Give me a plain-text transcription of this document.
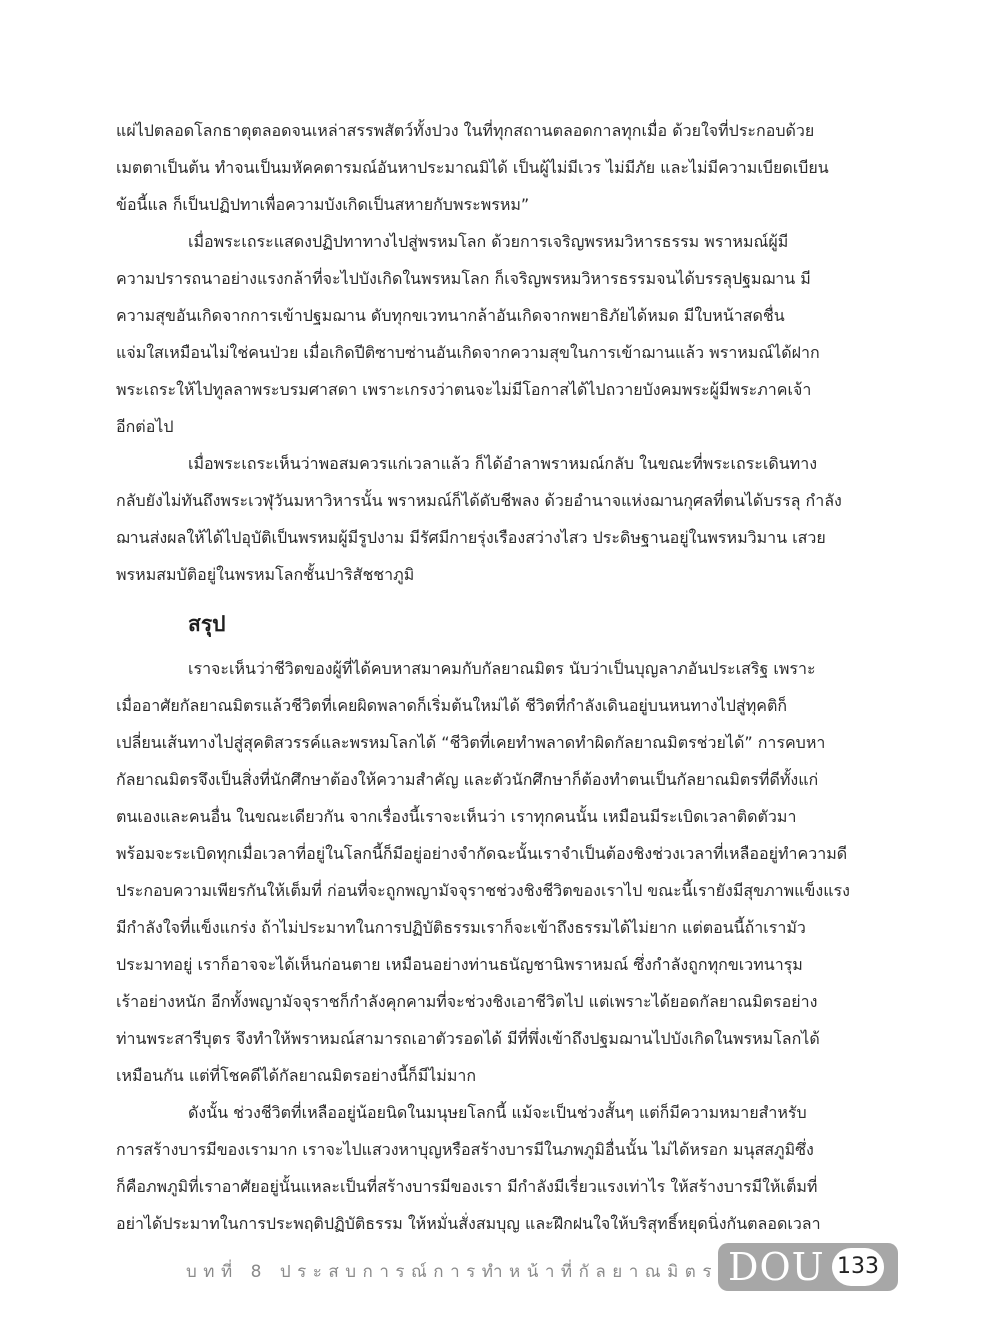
แผ่ไปตลอดโลกธาตุตลอดจนเหล่าสรรพสัตว์ทั้งปวง ในที่ทุกสถานตลอดกาลทุกเมื่อ ด้วยใจที่ประกอบด้วย
เมตตาเป็นต้น ทำจนเป็นมหัคคตารมณ์อันหาประมาณมิได้ เป็นผู้ไม่มีเวร ไม่มีภัย และไม่มีความเบียดเบียน
ข้อนี้แล ก็เป็นปฏิปทาเพื่อความบังเกิดเป็นสหายกับพระพรหม”
เมื่อพระเถระแสดงปฏิปทาทางไปสู่พรหมโลก ด้วยการเจริญพรหมวิหารธรรม พราหมณ์ผู้มี
ความปรารถนาอย่างแรงกล้าที่จะไปบังเกิดในพรหมโลก ก็เจริญพรหมวิหารธรรมจนได้บรรลุปฐมฌาน มี
ความสุขอันเกิดจากการเข้าปฐมฌาน ดับทุกขเวทนากล้าอันเกิดจากพยาธิภัยได้หมด มีใบหน้าสดชื่น
แจ่มใสเหมือนไม่ใช่คนป่วย เมื่อเกิดปีติซาบซ่านอันเกิดจากความสุขในการเข้าฌานแล้ว พราหมณ์ได้ฝาก
พระเถระให้ไปทูลลาพระบรมศาสดา เพราะเกรงว่าตนจะไม่มีโอกาสได้ไปถวายบังคมพระผู้มีพระภาคเจ้า
อีกต่อไป
เมื่อพระเถระเห็นว่าพอสมควรแก่เวลาแล้ว ก็ได้อำลาพราหมณ์กลับ ในขณะที่พระเถระเดินทาง
กลับยังไม่ทันถึงพระเวฬุวันมหาวิหารนั้น พราหมณ์ก็ได้ดับชีพลง ด้วยอำนาจแห่งฌานกุศลที่ตนได้บรรลุ กำลัง
ฌานส่งผลให้ได้ไปอุบัติเป็นพรหมผู้มีรูปงาม มีรัศมีกายรุ่งเรืองสว่างไสว ประดิษฐานอยู่ในพรหมวิมาน เสวย
พรหมสมบัติอยู่ในพรหมโลกชั้นปาริสัชชาภูมิ
สรุป
เราจะเห็นว่าชีวิตของผู้ที่ได้คบหาสมาคมกับกัลยาณมิตร นับว่าเป็นบุญลาภอันประเสริฐ เพราะ
เมื่ออาศัยกัลยาณมิตรแล้วชีวิตที่เคยผิดพลาดก็เริ่มต้นใหม่ได้ ชีวิตที่กำลังเดินอยู่บนหนทางไปสู่ทุคติก็
เปลี่ยนเส้นทางไปสู่สุคติสวรรค์และพรหมโลกได้ “ชีวิตที่เคยทำพลาดทำผิดกัลยาณมิตรช่วยได้” การคบหา
กัลยาณมิตรจึงเป็นสิ่งที่นักศึกษาต้องให้ความสำคัญ และตัวนักศึกษาก็ต้องทำตนเป็นกัลยาณมิตรที่ดีทั้งแก่
ตนเองและคนอื่น ในขณะเดียวกัน จากเรื่องนี้เราจะเห็นว่า เราทุกคนนั้น เหมือนมีระเบิดเวลาติดตัวมา
พร้อมจะระเบิดทุกเมื่อเวลาที่อยู่ในโลกนี้ก็มีอยู่อย่างจำกัดฉะนั้นเราจำเป็นต้องชิงช่วงเวลาที่เหลืออยู่ทำความดี
ประกอบความเพียรกันให้เต็มที่ ก่อนที่จะถูกพญามัจจุราชช่วงชิงชีวิตของเราไป ขณะนี้เรายังมีสุขภาพแข็งแรง
มีกำลังใจที่แข็งแกร่ง ถ้าไม่ประมาทในการปฏิบัติธรรมเราก็จะเข้าถึงธรรมได้ไม่ยาก แต่ตอนนี้ถ้าเรามัว
ประมาทอยู่ เราก็อาจจะได้เห็นก่อนตาย เหมือนอย่างท่านธนัญชานิพราหมณ์ ซึ่งกำลังถูกทุกขเวทนารุม
เร้าอย่างหนัก อีกทั้งพญามัจจุราชก็กำลังคุกคามที่จะช่วงชิงเอาชีวิตไป แต่เพราะได้ยอดกัลยาณมิตรอย่าง
ท่านพระสารีบุตร จึงทำให้พราหมณ์สามารถเอาตัวรอดได้ มีที่พึ่งเข้าถึงปฐมฌานไปบังเกิดในพรหมโลกได้
เหมือนกัน แต่ที่โชคดีได้กัลยาณมิตรอย่างนี้ก็มีไม่มาก
ดังนั้น ช่วงชีวิตที่เหลืออยู่น้อยนิดในมนุษยโลกนี้ แม้จะเป็นช่วงสั้นๆ แต่ก็มีความหมายสำหรับ
การสร้างบารมีของเรามาก เราจะไปแสวงหาบุญหรือสร้างบารมีในภพภูมิอื่นนั้น ไม่ได้หรอก มนุสสภูมิซึ่ง
ก็คือภพภูมิที่เราอาศัยอยู่นั้นแหละเป็นที่สร้างบารมีของเรา มีกำลังมีเรี่ยวแรงเท่าไร ให้สร้างบารมีให้เต็มที่
อย่าได้ประมาทในการประพฤติปฏิบัติธรรม ให้หมั่นสั่งสมบุญ และฝึกฝนใจให้บริสุทธิ์หยุดนิ่งกันตลอดเวลา
บทที่ 8 ประสบการณ์การทำหน้าที่กัลยาณมิตร DOU 133
